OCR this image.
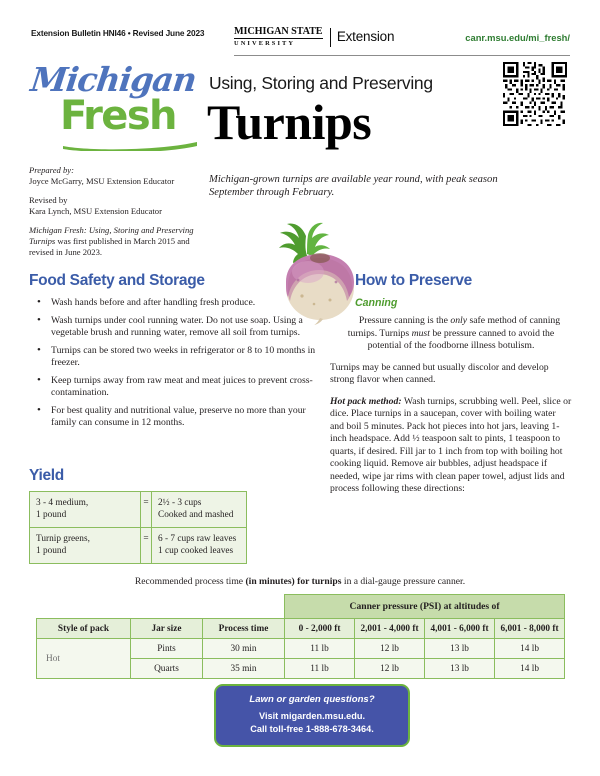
Extension Bulletin HNI46 • Revised June 2023	MICHIGAN STATE
UNIVERSITY	Extension	canr.msu.edu/mi_fresh/
Michigan
Fresh
Using, Storing and Preserving
Turnips
Michigan-grown turnips are available year round, with peak season September through February.
Prepared by:
Joyce McGarry, MSU Extension Educator
Revised by
Kara Lynch, MSU Extension Educator
Michigan Fresh: Using, Storing and Preserving Turnips was first published in March 2015 and revised in June 2023.
Food Safety and Storage
• Wash hands before and after handling fresh produce.
• Wash turnips under cool running water. Do not use soap. Using a vegetable brush and running water, remove all soil from turnips.
• Turnips can be stored two weeks in refrigerator or 8 to 10 months in freezer.
• Keep turnips away from raw meat and meat juices to prevent cross-contamination.
• For best quality and nutritional value, preserve no more than your family can consume in 12 months.
Yield
3 - 4 medium,
1 pound	=	2½ - 3 cups
Cooked and mashed

Turnip greens,
1 pound	=	6 - 7 cups raw leaves
1 cup cooked leaves
How to Preserve
Canning

Pressure canning is the only safe method of canning turnips. Turnips must be pressure canned to avoid the potential of the foodborne illness botulism.

Turnips may be canned but usually discolor and develop strong flavor when canned.

Hot pack method: Wash turnips, scrubbing well. Peel, slice or dice. Place turnips in a saucepan, cover with boiling water and boil 5 minutes. Pack hot pieces into hot jars, leaving 1-inch headspace. Add ½ teaspoon salt to pints, 1 teaspoon to quarts, if desired. Fill jar to 1 inch from top with boiling hot cooking liquid. Remove air bubbles, adjust headspace if needed, wipe jar rims with clean paper towel, adjust lids and process following these directions:

Recommended process time (in minutes) for turnips in a dial-gauge pressure canner.
			Canner pressure (PSI) at altitudes of			
Style of pack	Jar size	Process time	0 - 2,000 ft	2,001 - 4,000 ft	4,001 - 6,000 ft	6,001 - 8,000 ft
Hot	Pints	30 min	11 lb	12 lb	13 lb	14 lb
	Quarts	35 min	11 lb	12 lb	13 lb	14 lb
Lawn or garden questions?
Visit migarden.msu.edu.
Call toll-free 1-888-678-3464.
